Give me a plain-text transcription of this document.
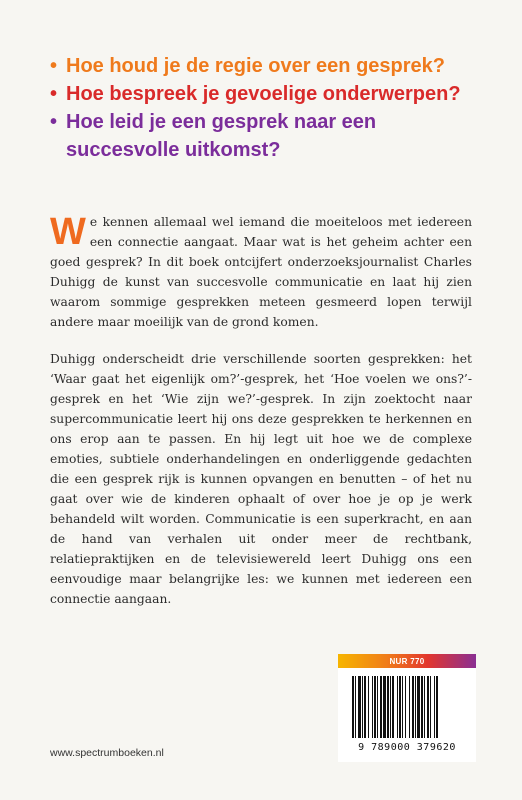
• Hoe houd je de regie over een gesprek?
• Hoe bespreek je gevoelige onderwerpen?
• Hoe leid je een gesprek naar een succesvolle uitkomst?

We kennen allemaal wel iemand die moeiteloos met iedereen een connectie aangaat. Maar wat is het geheim achter een goed gesprek? In dit boek ontcijfert onderzoeksjournalist Charles Duhigg de kunst van succesvolle communicatie en laat hij zien waarom sommige gesprekken meteen gesmeerd lopen terwijl andere maar moeilijk van de grond komen.

Duhigg onderscheidt drie verschillende soorten gesprekken: het ‘Waar gaat het eigenlijk om?’-gesprek, het ‘Hoe voelen we ons?’-gesprek en het ‘Wie zijn we?’-gesprek. In zijn zoektocht naar supercommunicatie leert hij ons deze gesprekken te herkennen en ons erop aan te passen. En hij legt uit hoe we de complexe emoties, subtiele onderhandelingen en onderliggende gedachten die een gesprek rijk is kunnen opvangen en benutten – of het nu gaat over wie de kinderen ophaalt of over hoe je op je werk behandeld wilt worden. Communicatie is een superkracht, en aan de hand van verhalen uit onder meer de rechtbank, relatiepraktijken en de televisiewereld leert Duhigg ons een eenvoudige maar belangrijke les: we kunnen met iedereen een connectie aangaan.

NUR 770
9 789000 379620
www.spectrumboeken.nl
